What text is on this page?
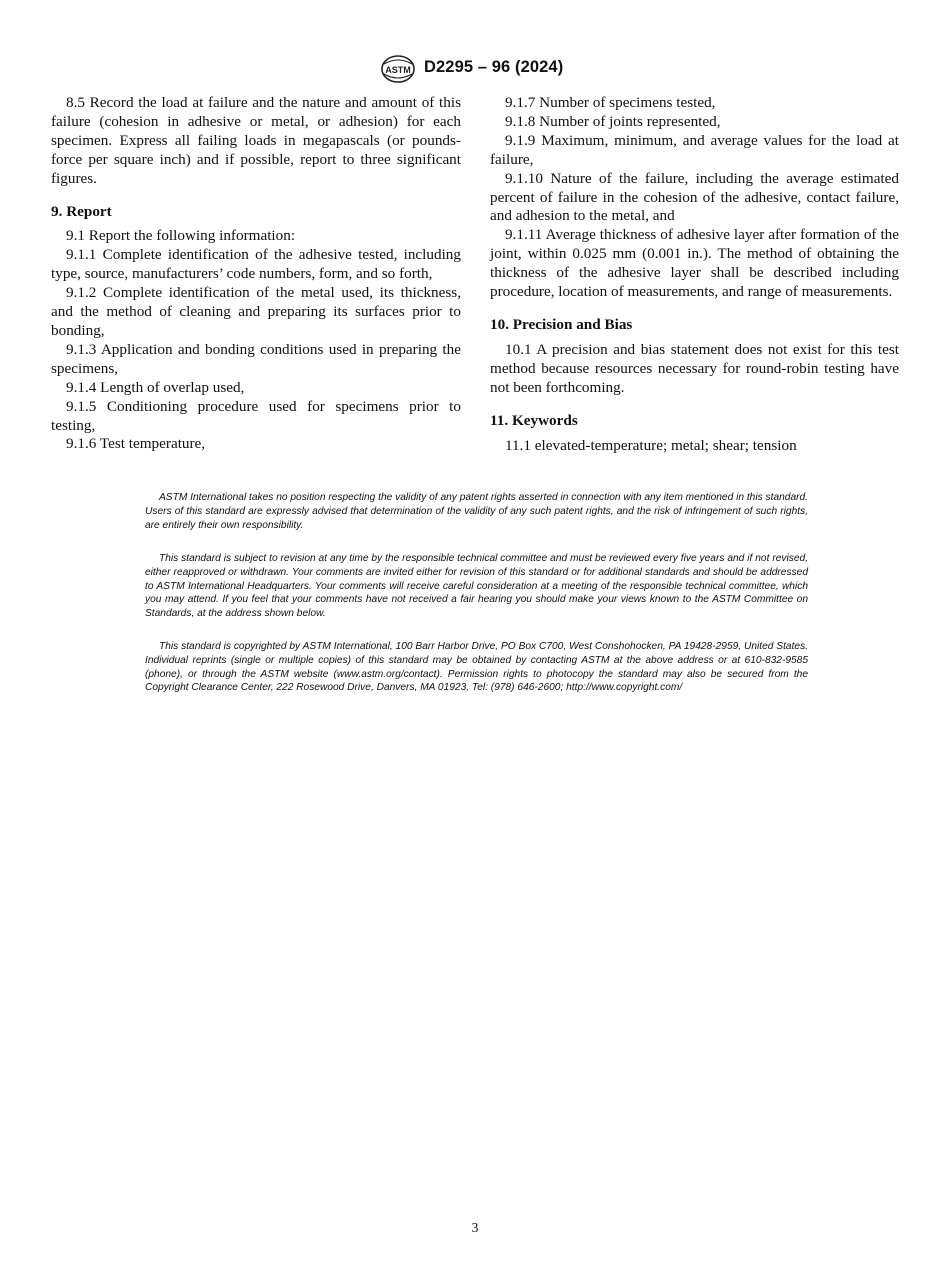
ASTM D2295 – 96 (2024)

8.5 Record the load at failure and the nature and amount of this failure (cohesion in adhesive or metal, or adhesion) for each specimen. Express all failing loads in megapascals (or pounds-force per square inch) and if possible, report to three significant figures.

9. Report

9.1 Report the following information:

9.1.1 Complete identification of the adhesive tested, including type, source, manufacturers’ code numbers, form, and so forth,

9.1.2 Complete identification of the metal used, its thickness, and the method of cleaning and preparing its surfaces prior to bonding,

9.1.3 Application and bonding conditions used in preparing the specimens,

9.1.4 Length of overlap used,

9.1.5 Conditioning procedure used for specimens prior to testing,

9.1.6 Test temperature,

9.1.7 Number of specimens tested,

9.1.8 Number of joints represented,

9.1.9 Maximum, minimum, and average values for the load at failure,

9.1.10 Nature of the failure, including the average estimated percent of failure in the cohesion of the adhesive, contact failure, and adhesion to the metal, and

9.1.11 Average thickness of adhesive layer after formation of the joint, within 0.025 mm (0.001 in.). The method of obtaining the thickness of the adhesive layer shall be described including procedure, location of measurements, and range of measurements.

10. Precision and Bias

10.1 A precision and bias statement does not exist for this test method because resources necessary for round-robin testing have not been forthcoming.

11. Keywords

11.1 elevated-temperature; metal; shear; tension

ASTM International takes no position respecting the validity of any patent rights asserted in connection with any item mentioned in this standard. Users of this standard are expressly advised that determination of the validity of any such patent rights, and the risk of infringement of such rights, are entirely their own responsibility.

This standard is subject to revision at any time by the responsible technical committee and must be reviewed every five years and if not revised, either reapproved or withdrawn. Your comments are invited either for revision of this standard or for additional standards and should be addressed to ASTM International Headquarters. Your comments will receive careful consideration at a meeting of the responsible technical committee, which you may attend. If you feel that your comments have not received a fair hearing you should make your views known to the ASTM Committee on Standards, at the address shown below.

This standard is copyrighted by ASTM International, 100 Barr Harbor Drive, PO Box C700, West Conshohocken, PA 19428-2959, United States. Individual reprints (single or multiple copies) of this standard may be obtained by contacting ASTM at the above address or at 610-832-9585 (phone), or through the ASTM website (www.astm.org/contact). Permission rights to photocopy the standard may also be secured from the Copyright Clearance Center, 222 Rosewood Drive, Danvers, MA 01923, Tel: (978) 646-2600; http://www.copyright.com/

3
